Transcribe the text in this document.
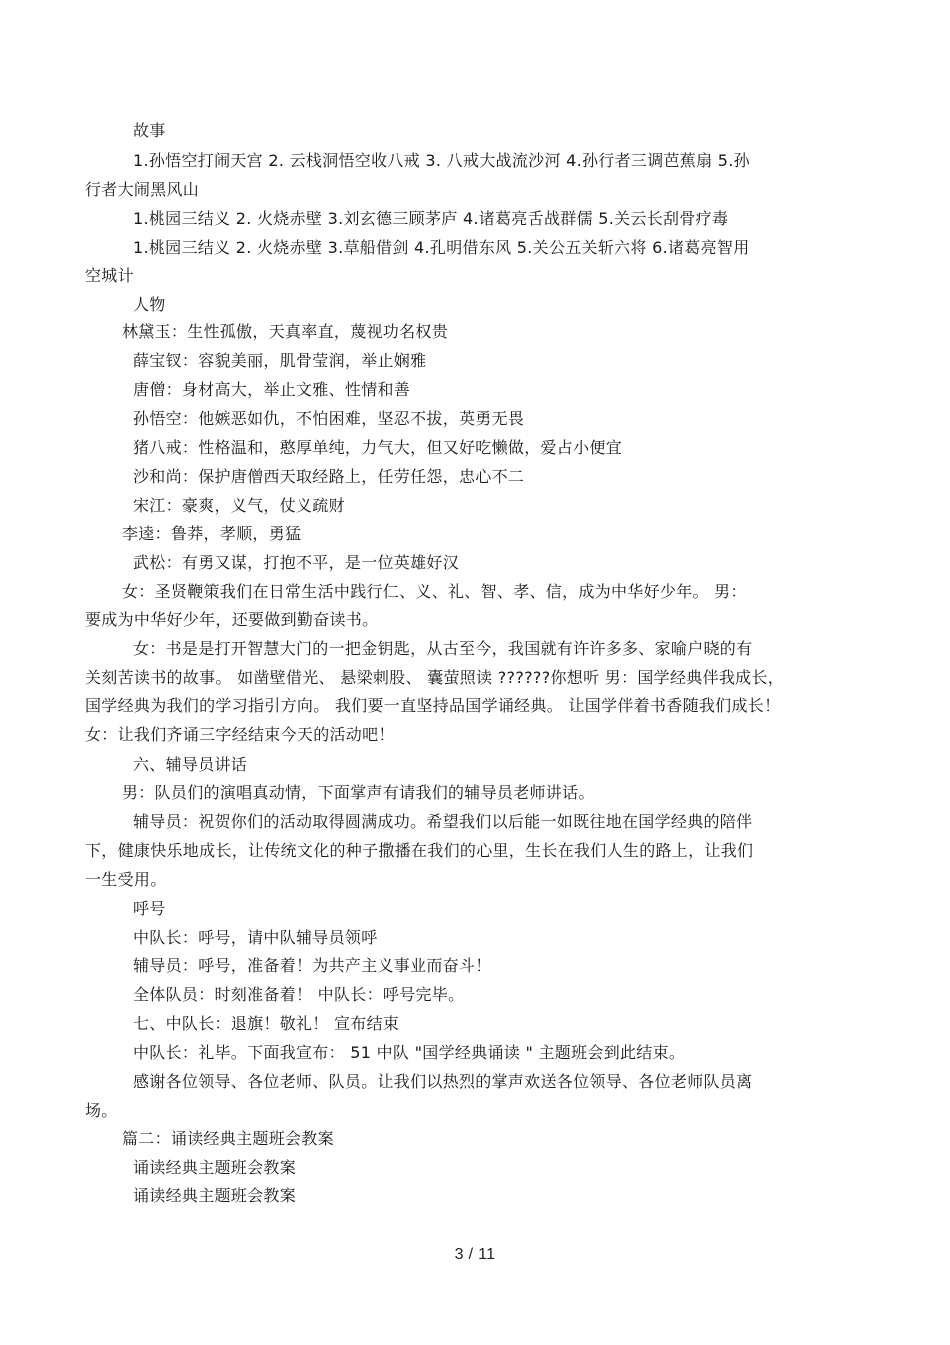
故事
1.孙悟空打闹天宫 2. 云栈洞悟空收八戒 3. 八戒大战流沙河 4.孙行者三调芭蕉扇 5.孙
行者大闹黑风山
1.桃园三结义 2. 火烧赤壁 3.刘玄德三顾茅庐 4.诸葛亮舌战群儒 5.关云长刮骨疗毒
1.桃园三结义 2. 火烧赤壁 3.草船借剑 4.孔明借东风 5.关公五关斩六将 6.诸葛亮智用
空城计
人物
林黛玉：生性孤傲，天真率直，蔑视功名权贵
薛宝钗：容貌美丽，肌骨莹润，举止娴雅
唐僧：身材高大，举止文雅、性情和善
孙悟空：他嫉恶如仇，不怕困难，坚忍不拔，英勇无畏
猪八戒：性格温和，憨厚单纯，力气大，但又好吃懒做，爱占小便宜
沙和尚：保护唐僧西天取经路上，任劳任怨，忠心不二
宋江：豪爽，义气，仗义疏财
李逵：鲁莽，孝顺，勇猛
武松：有勇又谋，打抱不平，是一位英雄好汉
女：圣贤鞭策我们在日常生活中践行仁、义、礼、智、孝、信，成为中华好少年。 男：
要成为中华好少年，还要做到勤奋读书。
女：书是是打开智慧大门的一把金钥匙，从古至今，我国就有许许多多、家喻户晓的有
关刻苦读书的故事。 如凿壁借光、 悬梁刺股、 囊萤照读 ??????你想听 男：国学经典伴我成长，
国学经典为我们的学习指引方向。 我们要一直坚持品国学诵经典。 让国学伴着书香随我们成长！
女：让我们齐诵三字经结束今天的活动吧！
六、辅导员讲话
男：队员们的演唱真动情，下面掌声有请我们的辅导员老师讲话。
辅导员：祝贺你们的活动取得圆满成功。希望我们以后能一如既往地在国学经典的陪伴
下，健康快乐地成长，让传统文化的种子撒播在我们的心里，生长在我们人生的路上，让我们
一生受用。
呼号
中队长：呼号，请中队辅导员领呼
辅导员：呼号，准备着！为共产主义事业而奋斗！
全体队员：时刻准备着！ 中队长：呼号完毕。
七、中队长：退旗！敬礼！ 宣布结束
中队长：礼毕。下面我宣布： 51 中队 "国学经典诵读 " 主题班会到此结束。
感谢各位领导、各位老师、队员。让我们以热烈的掌声欢送各位领导、各位老师队员离
场。
篇二：诵读经典主题班会教案
诵读经典主题班会教案
诵读经典主题班会教案
3 / 11
